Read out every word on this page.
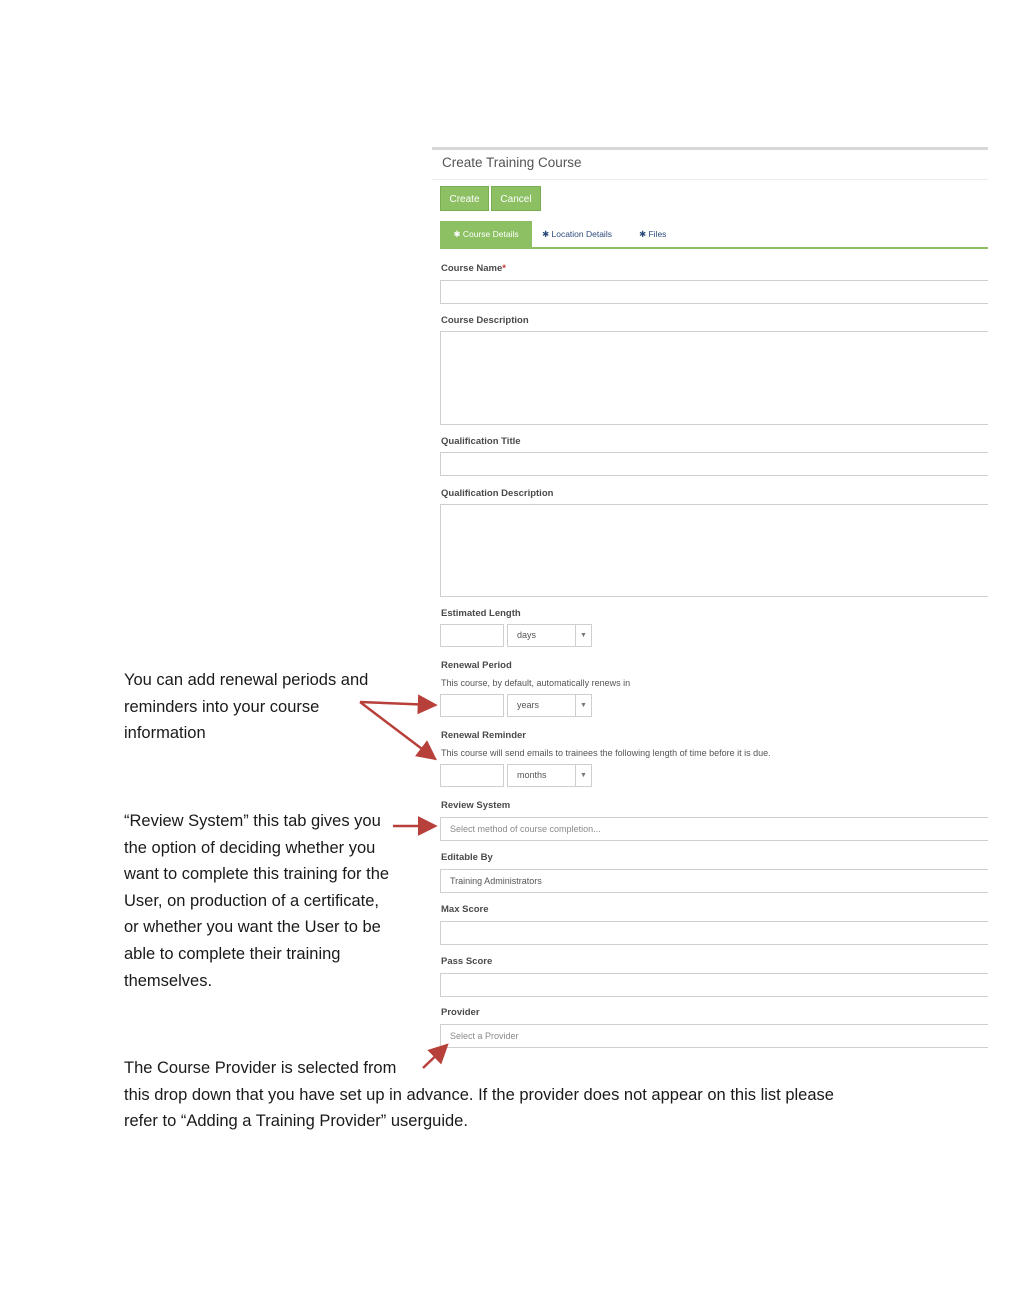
Create Training Course
Create	Cancel
✱ Course Details	✱ Location Details	✱ Files
Course Name*
Course Description
Qualification Title
Qualification Description
Estimated Length
days	▼
Renewal Period
This course, by default, automatically renews in
years	▼
Renewal Reminder
This course will send emails to trainees the following length of time before it is due.
months	▼
Review System
Select method of course completion...
Editable By
Training Administrators
Max Score
Pass Score
Provider
Select a Provider
You can add renewal periods and
reminders into your course
information
“Review System” this tab gives you
the option of deciding whether you
want to complete this training for the
User, on production of a certificate,
or whether you want the User to be
able to complete their training
themselves.
The Course Provider is selected from
this drop down that you have set up in advance. If the provider does not appear on this list please
refer to “Adding a Training Provider” userguide.
